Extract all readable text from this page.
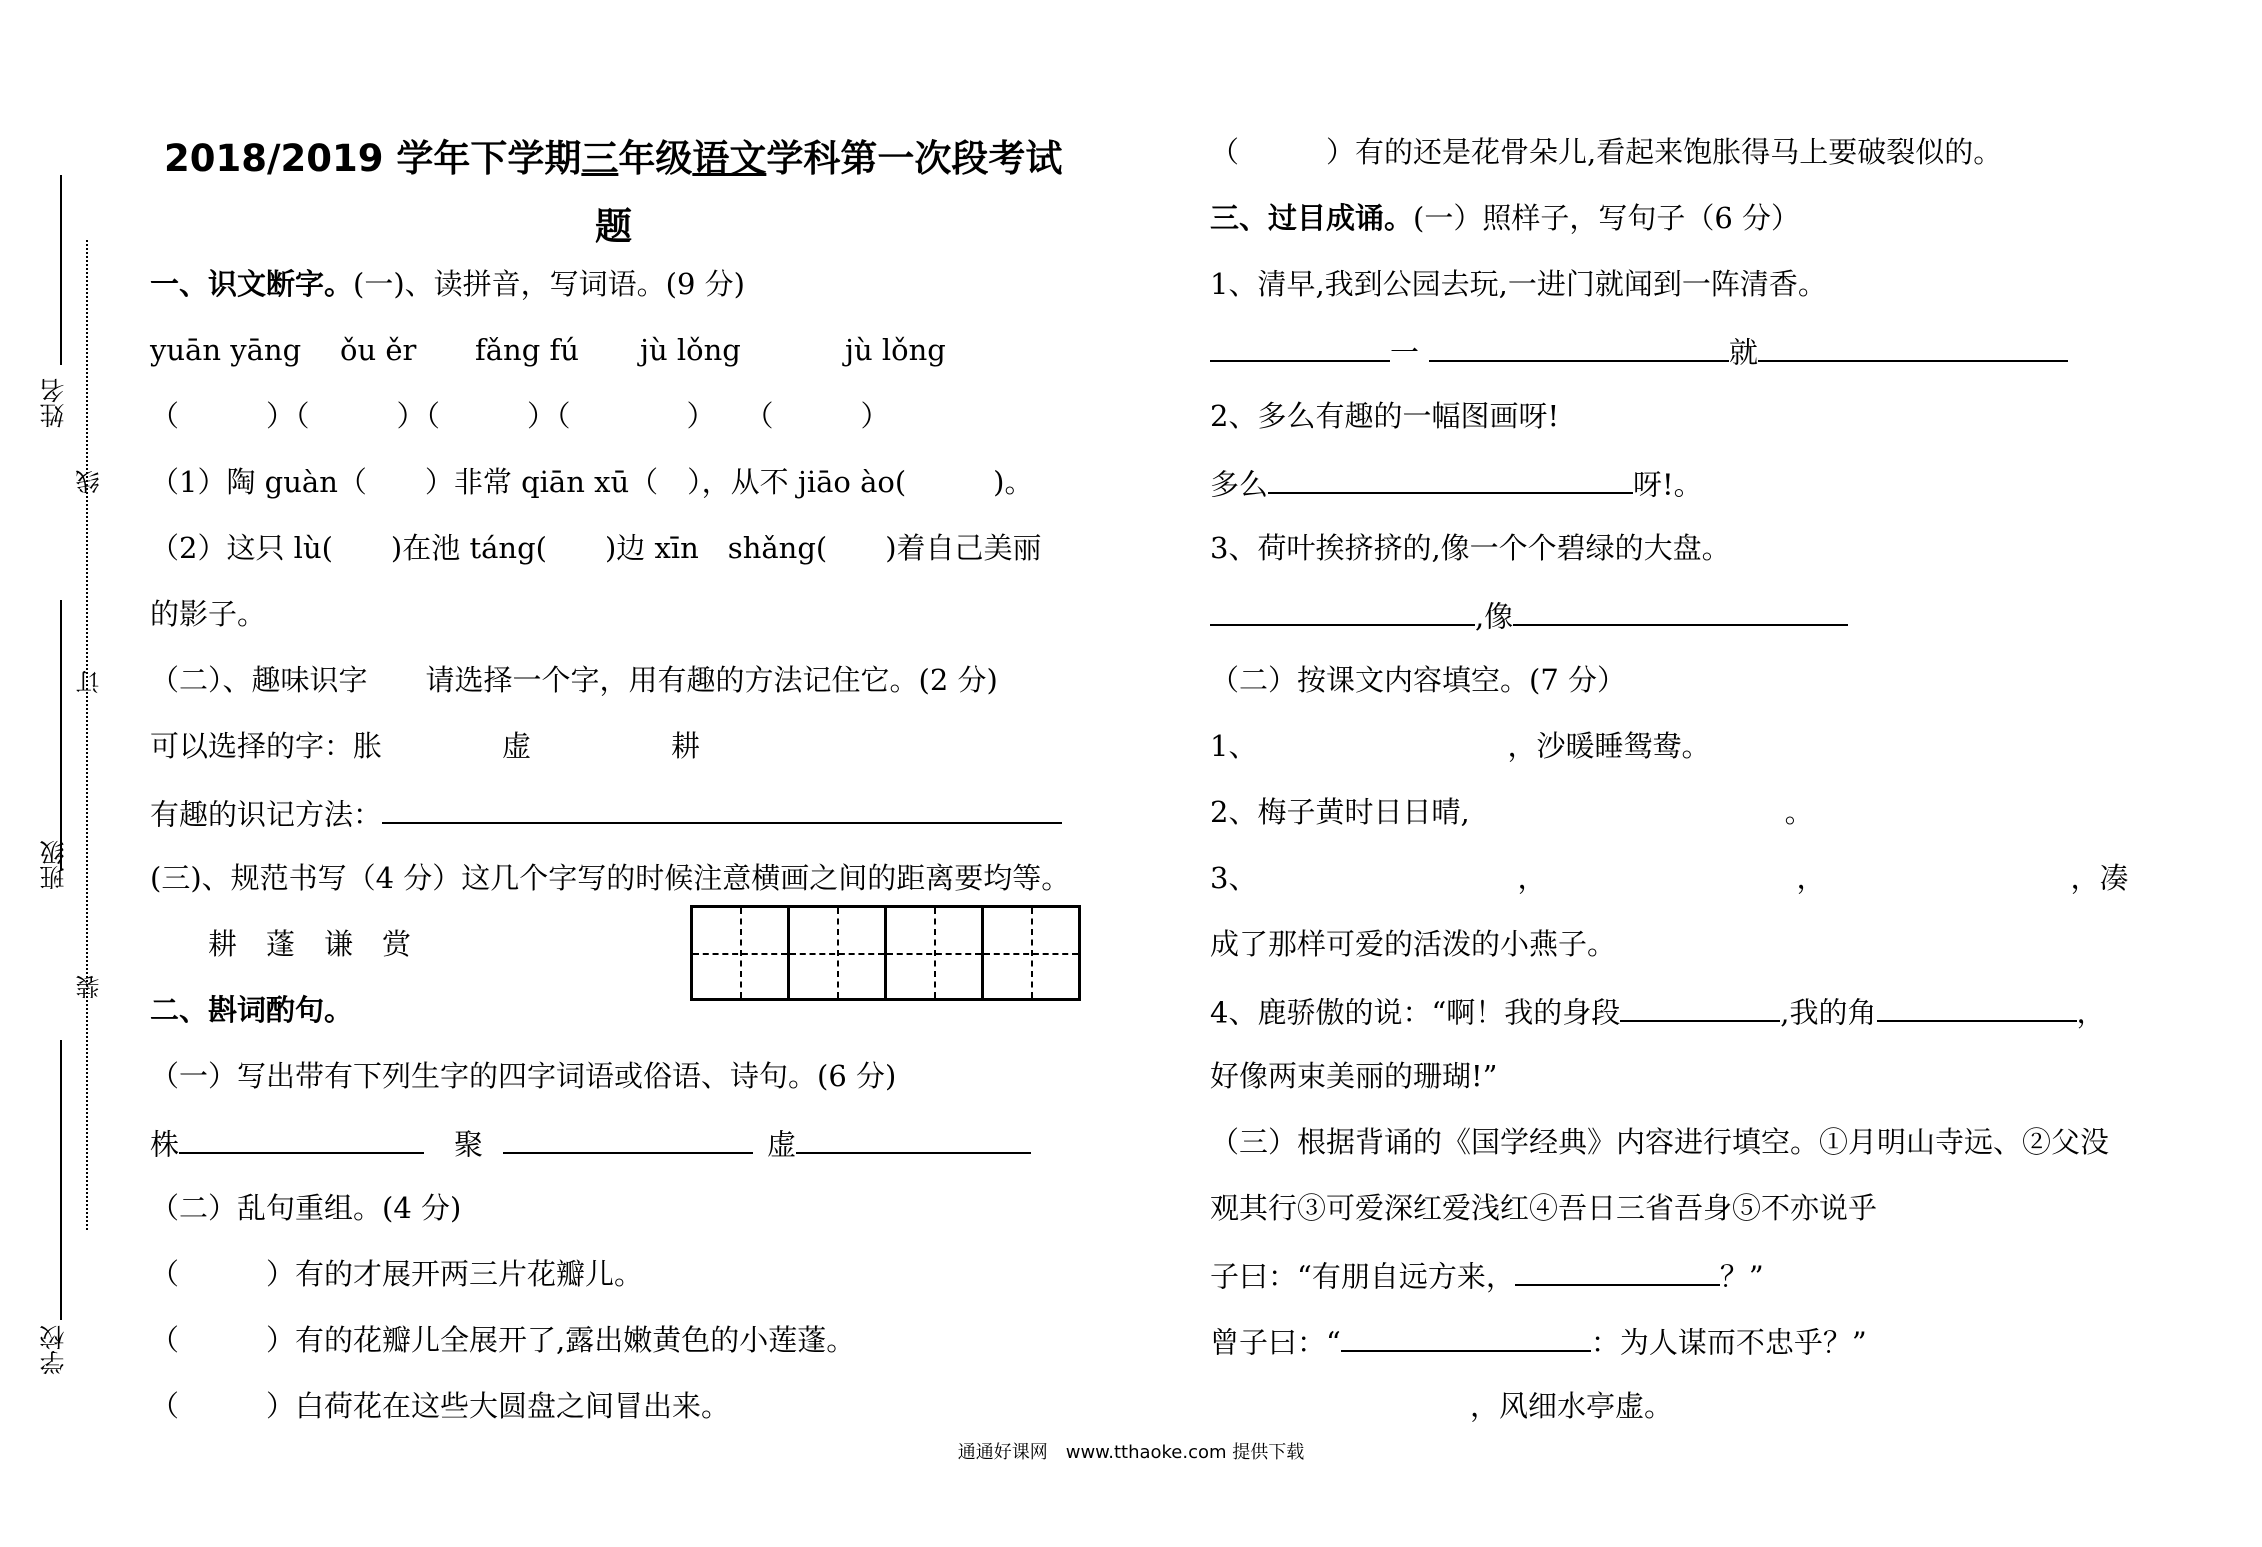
姓名
班级
学校
线
订
装
2018/2019 学年下学期三年级语文学科第一次段考试
题
一、识文断字。(一)、读拼音，写词语。(9 分)
yuān yāng ǒu ěr fǎng fú jù lǒng	jù lǒng
（　　　）（　　　）（　　　）（　　　　）　　（　　　）
（1）陶 guàn（　　）非常 qiān xū（　），从不 jiāo ào(　　　)。
（2）这只 lù(　　)在池 táng(　　)边 xīn　shǎng(　　)着自己美丽
的影子。
（二）、趣味识字　　请选择一个字，用有趣的方法记住它。(2 分)
可以选择的字：胀	虚	耕
有趣的识记方法：
(三)、规范书写（4 分）这几个字写的时候注意横画之间的距离要均等。
耕　蓬　谦　赏
二、斟词酌句。
（一）写出带有下列生字的四字词语或俗语、诗句。(6 分)
株	聚	虚
（二）乱句重组。(4 分)
（　　　）有的才展开两三片花瓣儿。
（　　　）有的花瓣儿全展开了,露出嫩黄色的小莲蓬。
（　　　）白荷花在这些大圆盘之间冒出来。
（　　　）有的还是花骨朵儿,看起来饱胀得马上要破裂似的。
三、过目成诵。(一）照样子，写句子（6 分）
1、清早,我到公园去玩,一进门就闻到一阵清香。
一	就
2、多么有趣的一幅图画呀!
多么	呀!。
3、荷叶挨挤挤的,像一个个碧绿的大盘。
,像
（二）按课文内容填空。(7 分）
1、	，沙暖睡鸳鸯。
2、梅子黄时日日晴,	。
3、	，	，	，凑
成了那样可爱的活泼的小燕子。
4、鹿骄傲的说：“啊！我的身段	,我的角	，
好像两束美丽的珊瑚!”
（三）根据背诵的《国学经典》内容进行填空。①月明山寺远、②父没
观其行③可爱深红爱浅红④吾日三省吾身⑤不亦说乎
子曰：“有朋自远方来，	？”
曾子曰：“	：为人谋而不忠乎？”
，风细水亭虚。
通通好课网　www.tthaoke.com 提供下载
